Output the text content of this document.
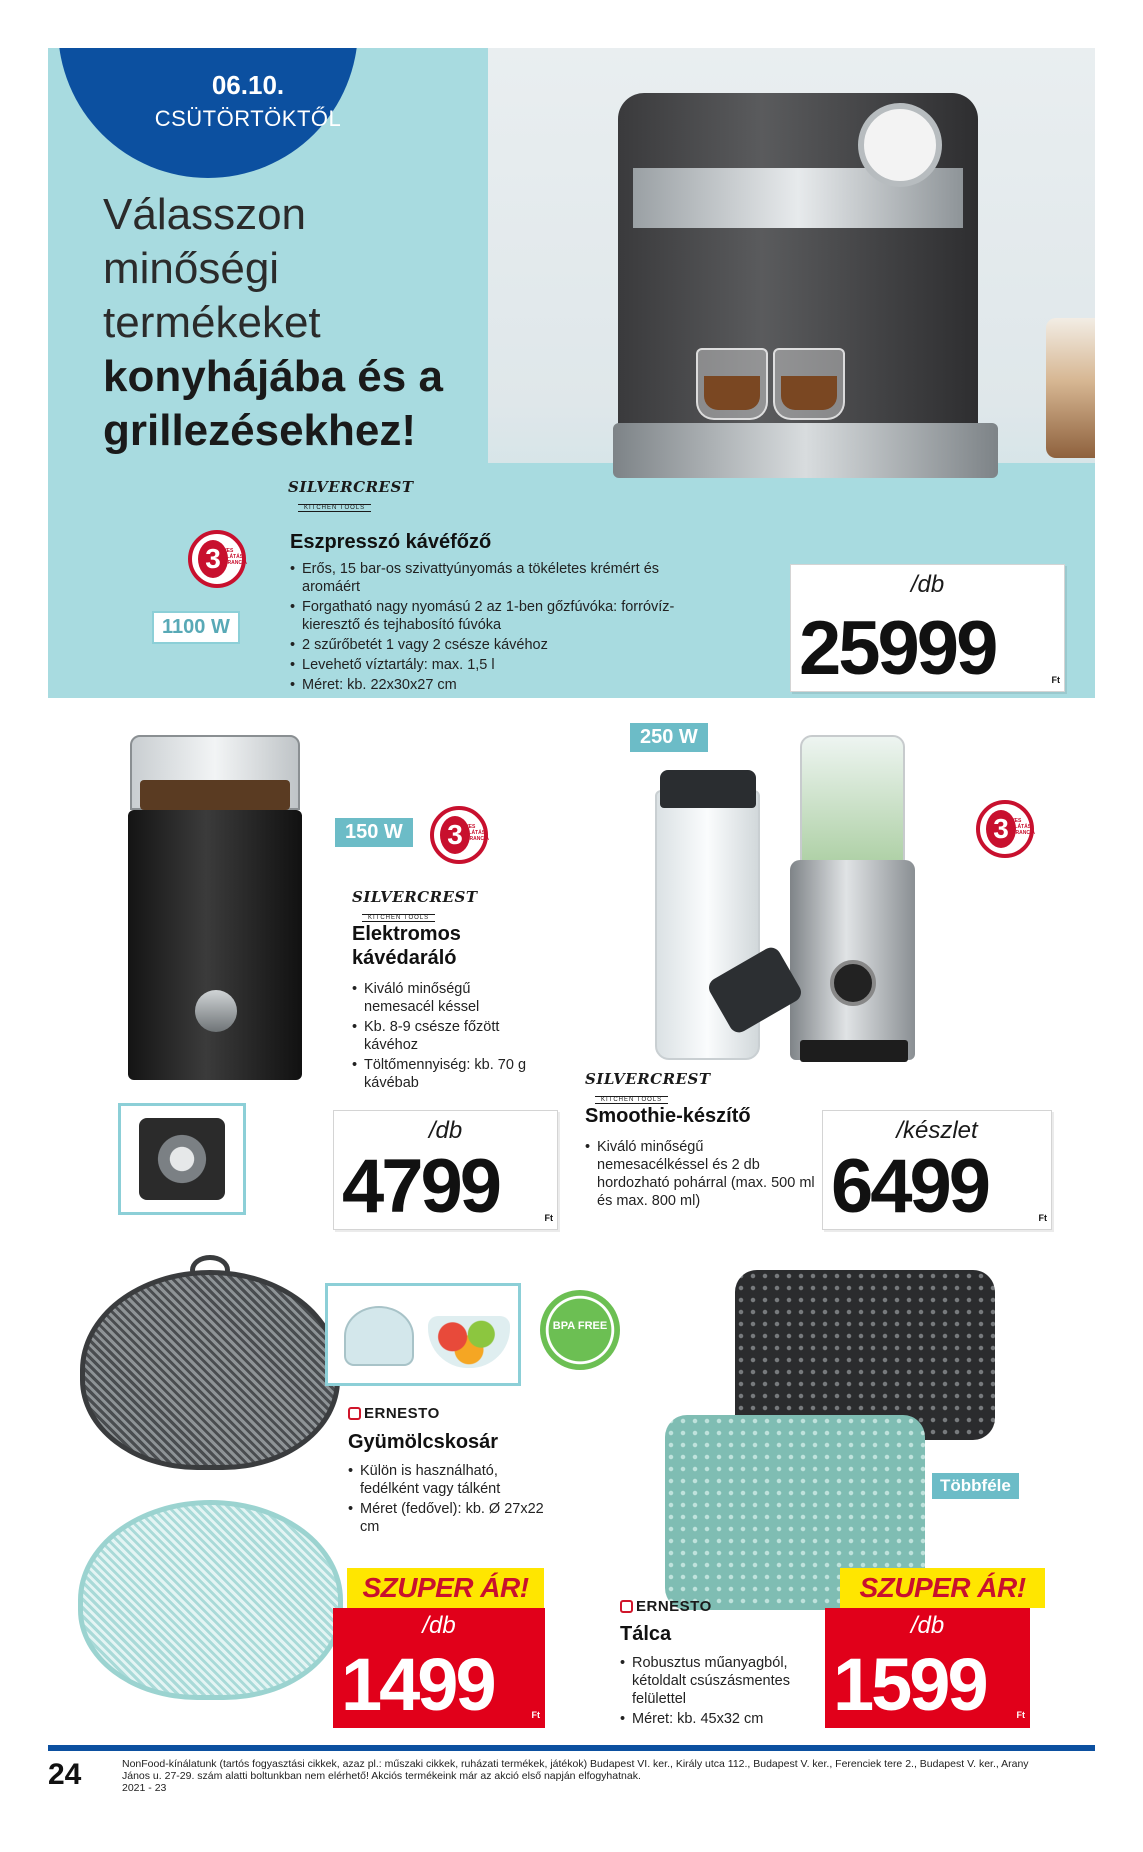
06.10.
CSÜTÖRTÖKTŐL
Válasszon
minőségi
termékeket
konyhájába és a
grillezésekhez!
SILVERCREST
KITCHEN TOOLS
Eszpresszó kávéfőző
3 ÉVES ELLÁTÁSI GARANCIA
1100 W
• Erős, 15 bar-os szivattyúnyomás a tökéletes krémért és aromáért
• Forgatható nagy nyomású 2 az 1-ben gőzfúvóka: forróvíz-kieresztő és tejhabosító fúvóka
• 2 szűrőbetét 1 vagy 2 csésze kávéhoz
• Levehető víztartály: max. 1,5 l
• Méret: kb. 22x30x27 cm
/db
25999	Ft
150 W	3 ÉVES ELLÁTÁSI GARANCIA
SILVERCREST
KITCHEN TOOLS
Elektromos
kávédaráló
• Kiváló minőségű nemesacél késsel
• Kb. 8-9 csésze főzött kávéhoz
• Töltőmennyiség: kb. 70 g kávébab
/db
4799	Ft
250 W
3 ÉVES ELLÁTÁSI GARANCIA
SILVERCREST
KITCHEN TOOLS
Smoothie-készítő
• Kiváló minőségű nemesacélkéssel és 2 db hordozható pohárral (max. 500 ml és max. 800 ml)
/készlet
6499	Ft
BPA FREE
ERNESTO
Gyümölcskosár
• Külön is használható, fedélként vagy tálként
• Méret (fedővel): kb. Ø 27x22 cm
SZUPER ÁR!
/db
1499	Ft
Többféle
ERNESTO
Tálca
• Robusztus műanyagból, kétoldalt csúszásmentes felülettel
• Méret: kb. 45x32 cm
SZUPER ÁR!
/db
1599	Ft
24	NonFood-kínálatunk (tartós fogyasztási cikkek, azaz pl.: műszaki cikkek, ruházati termékek, játékok) Budapest VI. ker., Király utca 112., Budapest V. ker., Ferenciek tere 2., Budapest V. ker., Arany János u. 27-29. szám alatti boltunkban nem elérhető! Akciós termékeink már az akció első napján elfogyhatnak.
2021 - 23
